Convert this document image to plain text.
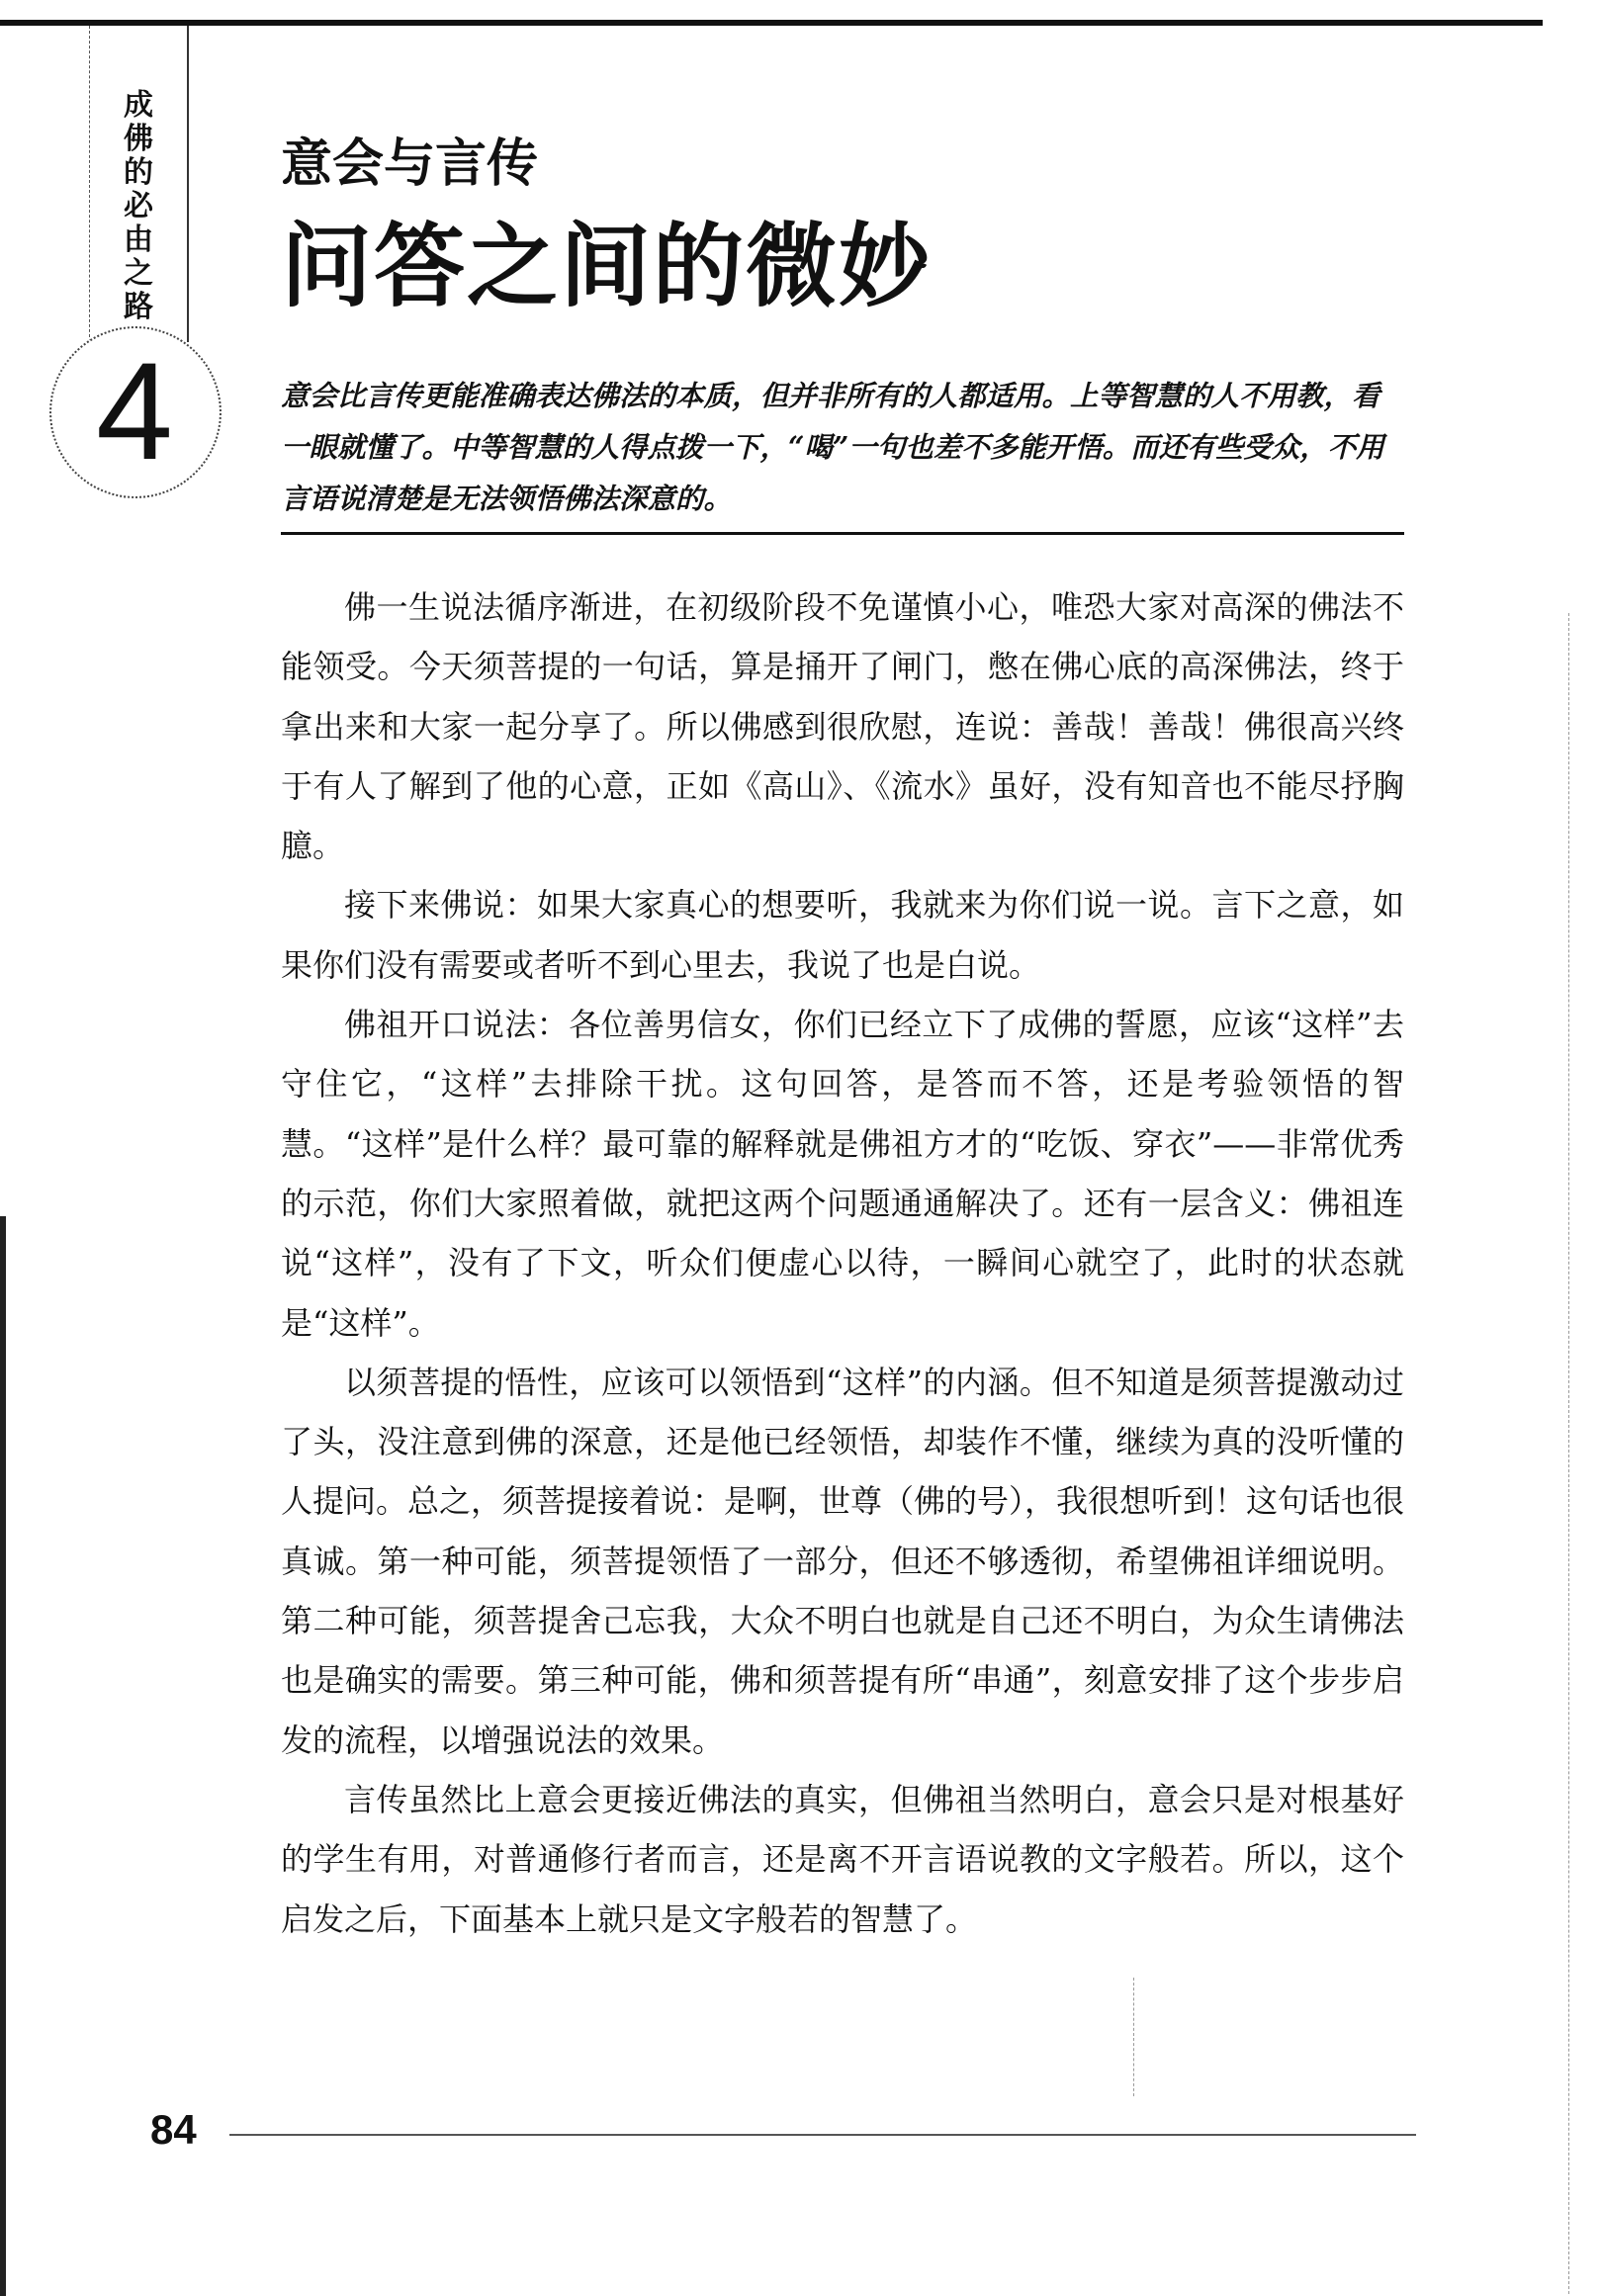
成佛的必由之路
4
意会与言传
问答之间的微妙

意会比言传更能准确表达佛法的本质，但并非所有的人都适用。上等智慧的人不用教，看一眼就懂了。中等智慧的人得点拨一下，“喝”一句也差不多能开悟。而还有些受众，不用言语说清楚是无法领悟佛法深意的。

佛一生说法循序渐进，在初级阶段不免谨慎小心，唯恐大家对高深的佛法不能领受。今天须菩提的一句话，算是捅开了闸门，憋在佛心底的高深佛法，终于拿出来和大家一起分享了。所以佛感到很欣慰，连说：善哉！善哉！佛很高兴终于有人了解到了他的心意，正如《高山》、《流水》虽好，没有知音也不能尽抒胸臆。

接下来佛说：如果大家真心的想要听，我就来为你们说一说。言下之意，如果你们没有需要或者听不到心里去，我说了也是白说。

佛祖开口说法：各位善男信女，你们已经立下了成佛的誓愿，应该“这样”去守住它，“这样”去排除干扰。这句回答，是答而不答，还是考验领悟的智慧。“这样”是什么样？最可靠的解释就是佛祖方才的“吃饭、穿衣”——非常优秀的示范，你们大家照着做，就把这两个问题通通解决了。还有一层含义：佛祖连说“这样”，没有了下文，听众们便虚心以待，一瞬间心就空了，此时的状态就是“这样”。

以须菩提的悟性，应该可以领悟到“这样”的内涵。但不知道是须菩提激动过了头，没注意到佛的深意，还是他已经领悟，却装作不懂，继续为真的没听懂的人提问。总之，须菩提接着说：是啊，世尊（佛的号），我很想听到！这句话也很真诚。第一种可能，须菩提领悟了一部分，但还不够透彻，希望佛祖详细说明。第二种可能，须菩提舍己忘我，大众不明白也就是自己还不明白，为众生请佛法也是确实的需要。第三种可能，佛和须菩提有所“串通”，刻意安排了这个步步启发的流程，以增强说法的效果。

言传虽然比上意会更接近佛法的真实，但佛祖当然明白，意会只是对根基好的学生有用，对普通修行者而言，还是离不开言语说教的文字般若。所以，这个启发之后，下面基本上就只是文字般若的智慧了。

84
